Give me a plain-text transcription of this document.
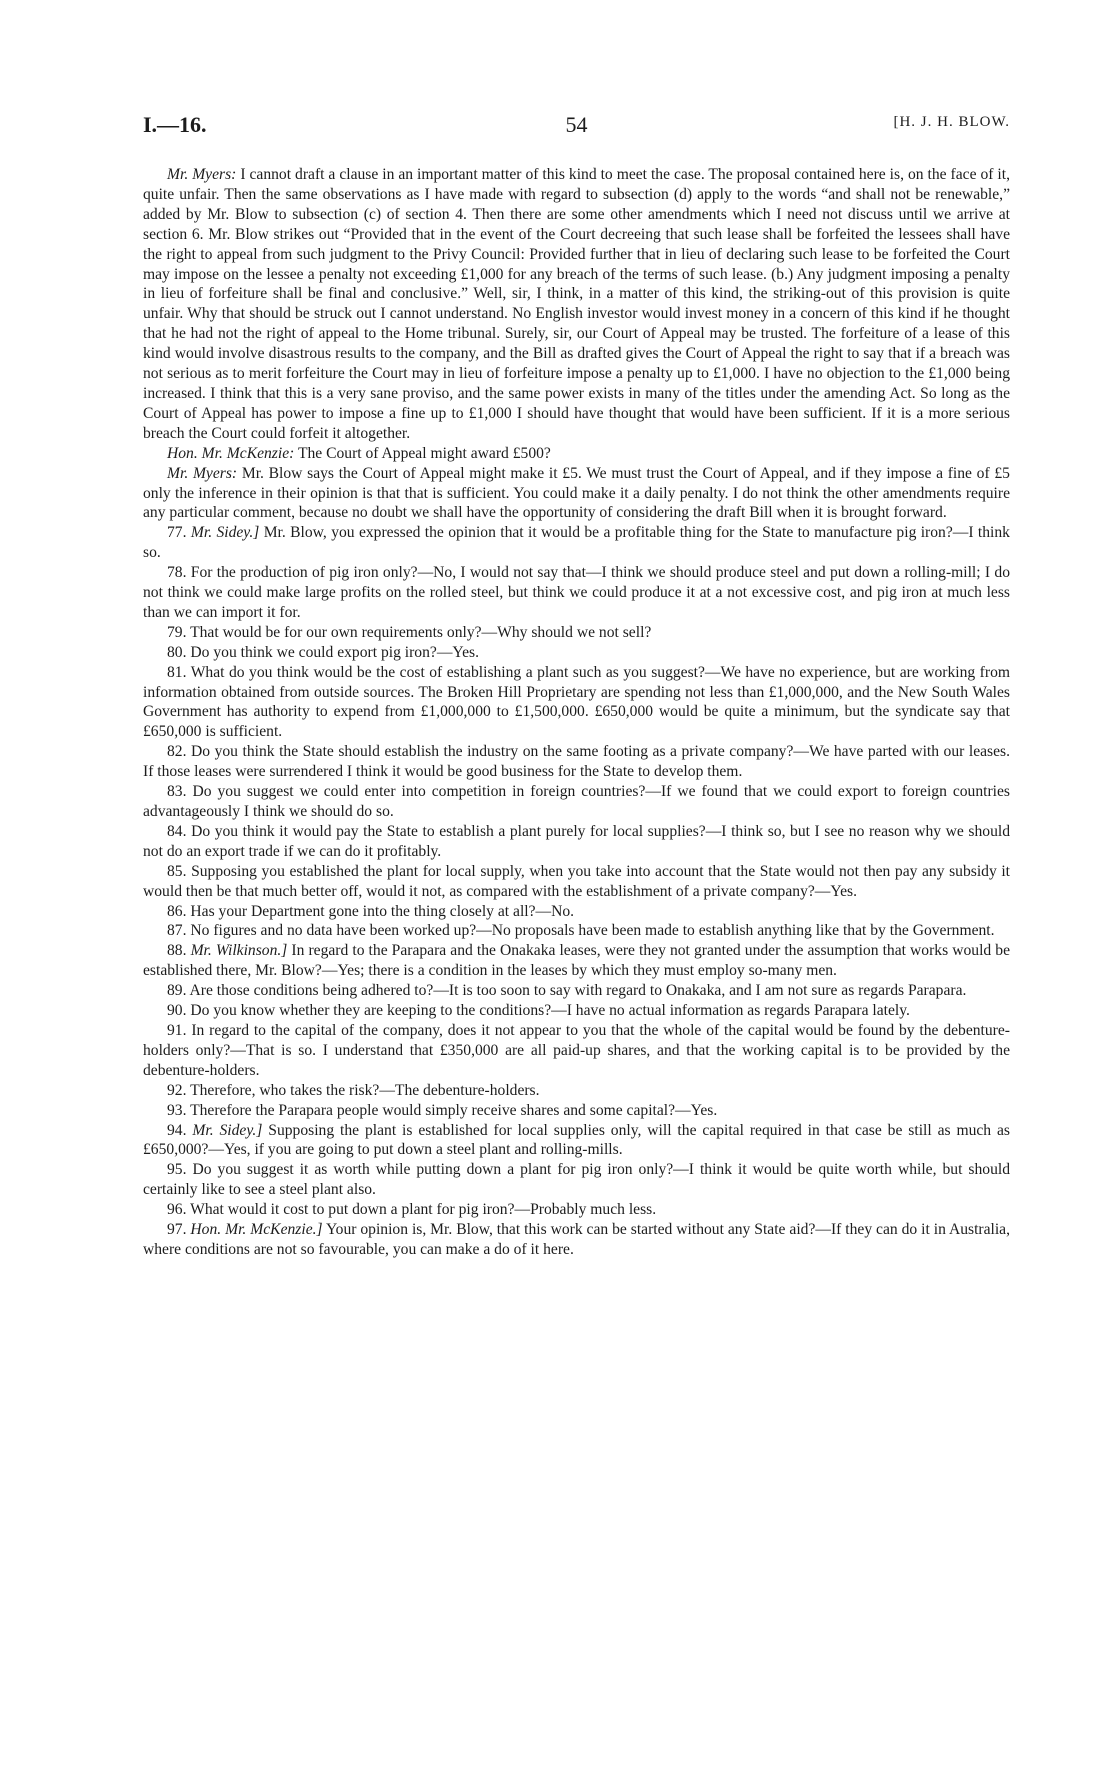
54
I.—16.	[H. J. H. BLOW.

Mr. Myers: I cannot draft a clause in an important matter of this kind to meet the case. The proposal contained here is, on the face of it, quite unfair. Then the same observations as I have made with regard to subsection (d) apply to the words “and shall not be renewable,” added by Mr. Blow to subsection (c) of section 4. Then there are some other amendments which I need not discuss until we arrive at section 6. Mr. Blow strikes out “Provided that in the event of the Court decreeing that such lease shall be forfeited the lessees shall have the right to appeal from such judgment to the Privy Council: Provided further that in lieu of declaring such lease to be forfeited the Court may impose on the lessee a penalty not exceeding £1,000 for any breach of the terms of such lease. (b.) Any judgment imposing a penalty in lieu of forfeiture shall be final and conclusive.” Well, sir, I think, in a matter of this kind, the striking-out of this provision is quite unfair. Why that should be struck out I cannot understand. No English investor would invest money in a concern of this kind if he thought that he had not the right of appeal to the Home tribunal. Surely, sir, our Court of Appeal may be trusted. The forfeiture of a lease of this kind would involve disastrous results to the company, and the Bill as drafted gives the Court of Appeal the right to say that if a breach was not serious as to merit forfeiture the Court may in lieu of forfeiture impose a penalty up to £1,000. I have no objection to the £1,000 being increased. I think that this is a very sane proviso, and the same power exists in many of the titles under the amending Act. So long as the Court of Appeal has power to impose a fine up to £1,000 I should have thought that would have been sufficient. If it is a more serious breach the Court could forfeit it altogether.

Hon. Mr. McKenzie: The Court of Appeal might award £500?

Mr. Myers: Mr. Blow says the Court of Appeal might make it £5. We must trust the Court of Appeal, and if they impose a fine of £5 only the inference in their opinion is that that is sufficient. You could make it a daily penalty. I do not think the other amendments require any particular comment, because no doubt we shall have the opportunity of considering the draft Bill when it is brought forward.

77. Mr. Sidey.] Mr. Blow, you expressed the opinion that it would be a profitable thing for the State to manufacture pig iron?—I think so.

78. For the production of pig iron only?—No, I would not say that—I think we should produce steel and put down a rolling-mill; I do not think we could make large profits on the rolled steel, but think we could produce it at a not excessive cost, and pig iron at much less than we can import it for.

79. That would be for our own requirements only?—Why should we not sell?

80. Do you think we could export pig iron?—Yes.

81. What do you think would be the cost of establishing a plant such as you suggest?—We have no experience, but are working from information obtained from outside sources. The Broken Hill Proprietary are spending not less than £1,000,000, and the New South Wales Government has authority to expend from £1,000,000 to £1,500,000. £650,000 would be quite a minimum, but the syndicate say that £650,000 is sufficient.

82. Do you think the State should establish the industry on the same footing as a private company?—We have parted with our leases. If those leases were surrendered I think it would be good business for the State to develop them.

83. Do you suggest we could enter into competition in foreign countries?—If we found that we could export to foreign countries advantageously I think we should do so.

84. Do you think it would pay the State to establish a plant purely for local supplies?—I think so, but I see no reason why we should not do an export trade if we can do it profitably.

85. Supposing you established the plant for local supply, when you take into account that the State would not then pay any subsidy it would then be that much better off, would it not, as compared with the establishment of a private company?—Yes.

86. Has your Department gone into the thing closely at all?—No.

87. No figures and no data have been worked up?—No proposals have been made to establish anything like that by the Government.

88. Mr. Wilkinson.] In regard to the Parapara and the Onakaka leases, were they not granted under the assumption that works would be established there, Mr. Blow?—Yes; there is a condition in the leases by which they must employ so-many men.

89. Are those conditions being adhered to?—It is too soon to say with regard to Onakaka, and I am not sure as regards Parapara.

90. Do you know whether they are keeping to the conditions?—I have no actual information as regards Parapara lately.

91. In regard to the capital of the company, does it not appear to you that the whole of the capital would be found by the debenture-holders only?—That is so. I understand that £350,000 are all paid-up shares, and that the working capital is to be provided by the debenture-holders.

92. Therefore, who takes the risk?—The debenture-holders.

93. Therefore the Parapara people would simply receive shares and some capital?—Yes.

94. Mr. Sidey.] Supposing the plant is established for local supplies only, will the capital required in that case be still as much as £650,000?—Yes, if you are going to put down a steel plant and rolling-mills.

95. Do you suggest it as worth while putting down a plant for pig iron only?—I think it would be quite worth while, but should certainly like to see a steel plant also.

96. What would it cost to put down a plant for pig iron?—Probably much less.

97. Hon. Mr. McKenzie.] Your opinion is, Mr. Blow, that this work can be started without any State aid?—If they can do it in Australia, where conditions are not so favourable, you can make a do of it here.
